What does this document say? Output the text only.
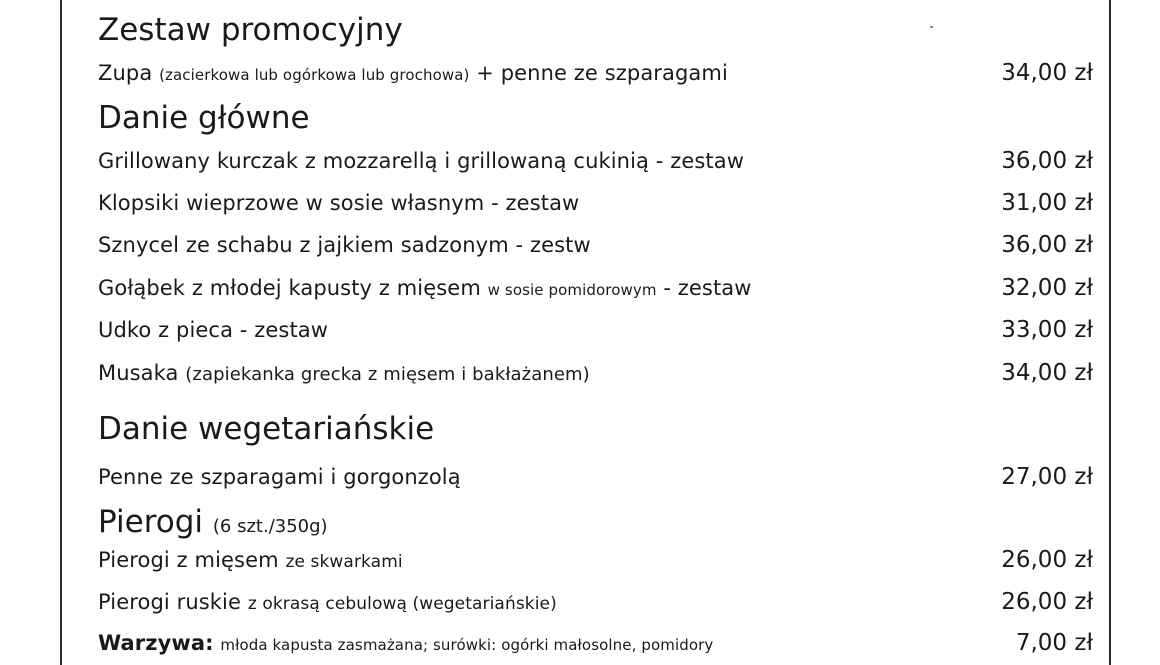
Zestaw promocyjny
Zupa (zacierkowa lub ogórkowa lub grochowa) + penne ze szparagami	34,00 zł
Danie główne
Grillowany kurczak z mozzarellą i grillowaną cukinią - zestaw	36,00 zł
Klopsiki wieprzowe w sosie własnym - zestaw	31,00 zł
Sznycel ze schabu z jajkiem sadzonym - zestw	36,00 zł
Gołąbek z młodej kapusty z mięsem w sosie pomidorowym - zestaw	32,00 zł
Udko z pieca - zestaw	33,00 zł
Musaka (zapiekanka grecka z mięsem i bakłażanem)	34,00 zł
Danie wegetariańskie
Penne ze szparagami i gorgonzolą	27,00 zł
Pierogi (6 szt./350g)
Pierogi z mięsem ze skwarkami	26,00 zł
Pierogi ruskie z okrasą cebulową (wegetariańskie)	26,00 zł
Warzywa: młoda kapusta zasmażana; surówki: ogórki małosolne, pomidory	7,00 zł
